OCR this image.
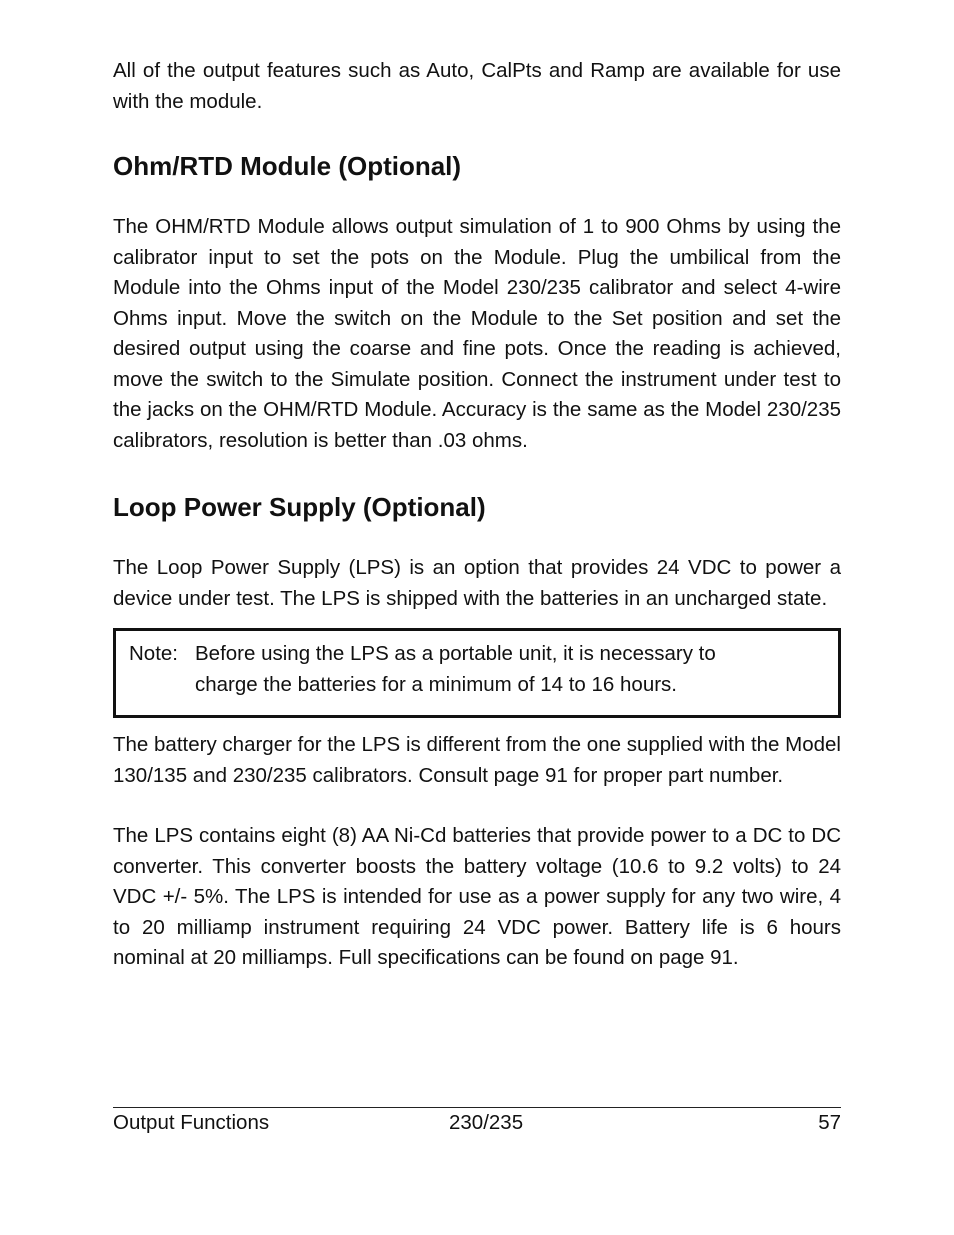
All of the output features such as Auto, CalPts and Ramp are available for use with the module.

Ohm/RTD Module (Optional)

The OHM/RTD Module allows output simulation of 1 to 900 Ohms by using the calibrator input to set the pots on the Module. Plug the umbilical from the Module into the Ohms input of the Model 230/235 calibrator and select 4-wire Ohms input. Move the switch on the Module to the Set position and set the desired output using the coarse and fine pots. Once the reading is achieved, move the switch to the Simulate position. Connect the instrument under test to the jacks on the OHM/RTD Module. Accuracy is the same as the Model 230/235 calibrators, resolution is better than .03 ohms.

Loop Power Supply (Optional)

The Loop Power Supply (LPS) is an option that provides 24 VDC to power a device under test. The LPS is shipped with the batteries in an uncharged state.

Note: Before using the LPS as a portable unit, it is necessary to
charge the batteries for a minimum of 14 to 16 hours.

The battery charger for the LPS is different from the one supplied with the Model 130/135 and 230/235 calibrators. Consult page 91 for proper part number.

The LPS contains eight (8) AA Ni-Cd batteries that provide power to a DC to DC converter. This converter boosts the battery voltage (10.6 to 9.2 volts) to 24 VDC +/- 5%. The LPS is intended for use as a power supply for any two wire, 4 to 20 milliamp instrument requiring 24 VDC power. Battery life is 6 hours nominal at 20 milliamps. Full specifications can be found on page 91.

Output Functions	230/235	57
